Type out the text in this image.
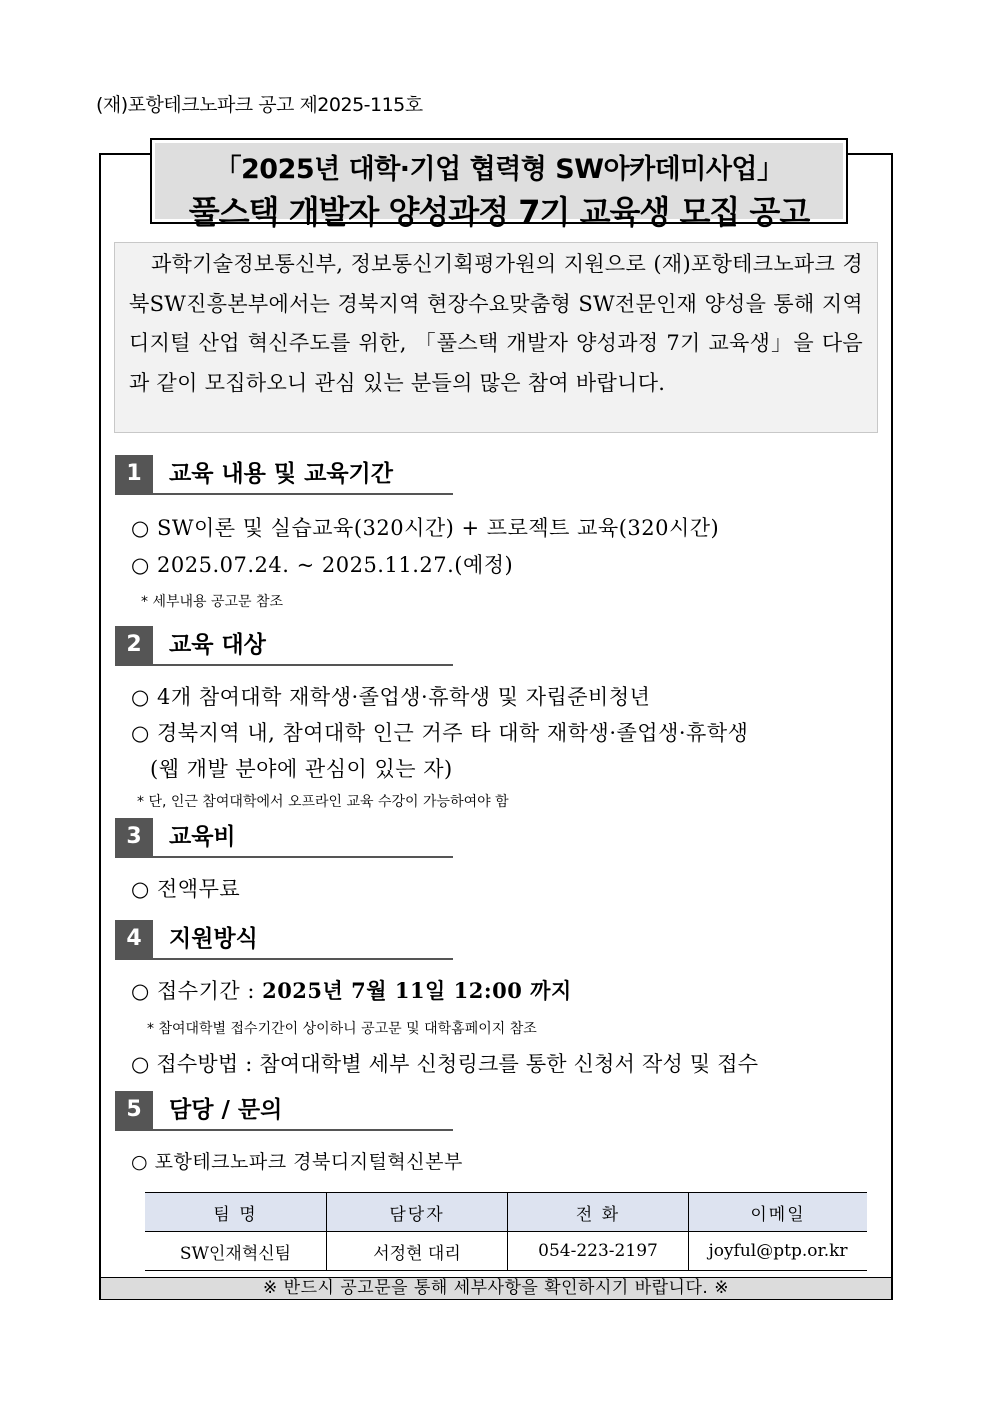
(재)포항테크노파크 공고 제2025-115호
「2025년 대학·기업 협력형 SW아카데미사업」
풀스택 개발자 양성과정 7기 교육생 모집 공고
과학기술정보통신부, 정보통신기획평가원의 지원으로 (재)포항테크노파크 경북SW진흥본부에서는 경북지역 현장수요맞춤형 SW전문인재 양성을 통해 지역 디지털 산업 혁신주도를 위한, 「풀스택 개발자 양성과정 7기 교육생」을 다음과 같이 모집하오니 관심 있는 분들의 많은 참여 바랍니다.
1	교육 내용 및 교육기간
○ SW이론 및 실습교육(320시간) + 프로젝트 교육(320시간)
○ 2025.07.24. ~ 2025.11.27.(예정)
* 세부내용 공고문 참조
2	교육 대상
○ 4개 참여대학 재학생·졸업생·휴학생 및 자립준비청년
○ 경북지역 내, 참여대학 인근 거주 타 대학 재학생·졸업생·휴학생
(웹 개발 분야에 관심이 있는 자)
* 단, 인근 참여대학에서 오프라인 교육 수강이 가능하여야 함
3	교육비
○ 전액무료
4	지원방식
○ 접수기간 : 2025년 7월 11일 12:00 까지
* 참여대학별 접수기간이 상이하니 공고문 및 대학홈페이지 참조
○ 접수방법 : 참여대학별 세부 신청링크를 통한 신청서 작성 및 접수
5	담당 / 문의
○ 포항테크노파크 경북디지털혁신본부
팀 명	담당자	전 화	이메일
SW인재혁신팀	서정현 대리	054-223-2197	joyful@ptp.or.kr
※ 반드시 공고문을 통해 세부사항을 확인하시기 바랍니다. ※
